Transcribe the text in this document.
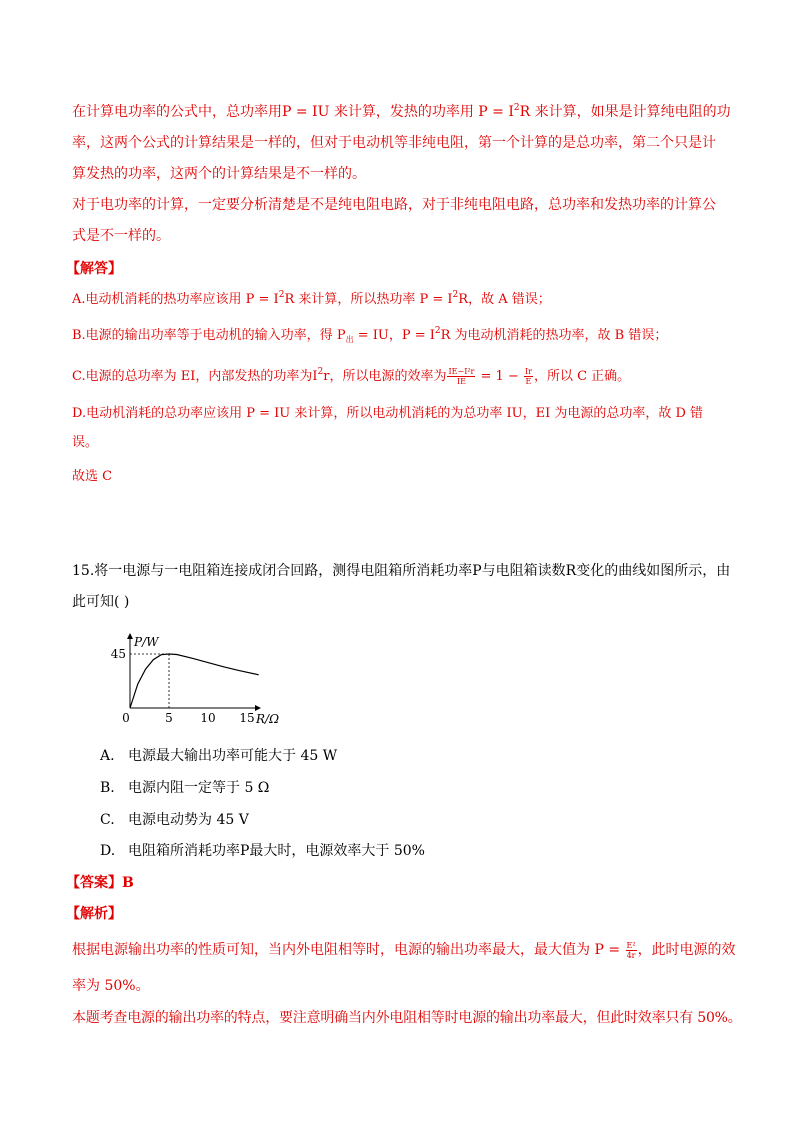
在计算电功率的公式中，总功率用P = IU 来计算，发热的功率用 $P = I^2R$ 来计算，如果是计算纯电阻的功
率，这两个公式的计算结果是一样的，但对于电动机等非纯电阻，第一个计算的是总功率，第二个只是计
算发热的功率，这两个的计算结果是不一样的。
对于电功率的计算，一定要分析清楚是不是纯电阻电路，对于非纯电阻电路，总功率和发热功率的计算公
式是不一样的。
【解答】
A.电动机消耗的热功率应该用 $P = I^2R$ 来计算，所以热功率 $P = I^2R$，故 A 错误；
B.电源的输出功率等于电动机的输入功率，得 $P_出$ = IU，$P = I^2R$ 为电动机消耗的热功率，故 B 错误；
C.电源的总功率为 EI，内部发热的功率为$I^2r$，所以电源的效率为 $\frac{\text{IE−I²r}}{IE} = 1 - \frac{Ir}{E}$ ，所以 C 正确。
D.电动机消耗的总功率应该用 P = IU 来计算，所以电动机消耗的为总功率 IU，EI 为电源的总功率，故 D 错
误。
故选 C
15.将一电源与一电阻箱连接成闭合回路，测得电阻箱所消耗功率P与电阻箱读数R变化的曲线如图所示，由
此可知( )
P/W
R/Ω
0	5 10 15
45
A. 电源最大输出功率可能大于 45 W
B. 电源内阻一定等于 5 Ω
C. 电源电动势为 45 V
D. 电阻箱所消耗功率P最大时，电源效率大于 50%
【答案】B
【解析】
根据电源输出功率的性质可知，当内外电阻相等时，电源的输出功率最大，最大值为 $P = \frac{\text{E²}}{4r}$ ，此时电源的效
率为 50%。
本题考查电源的输出功率的特点，要注意明确当内外电阻相等时电源的输出功率最大，但此时效率只有 50%。
